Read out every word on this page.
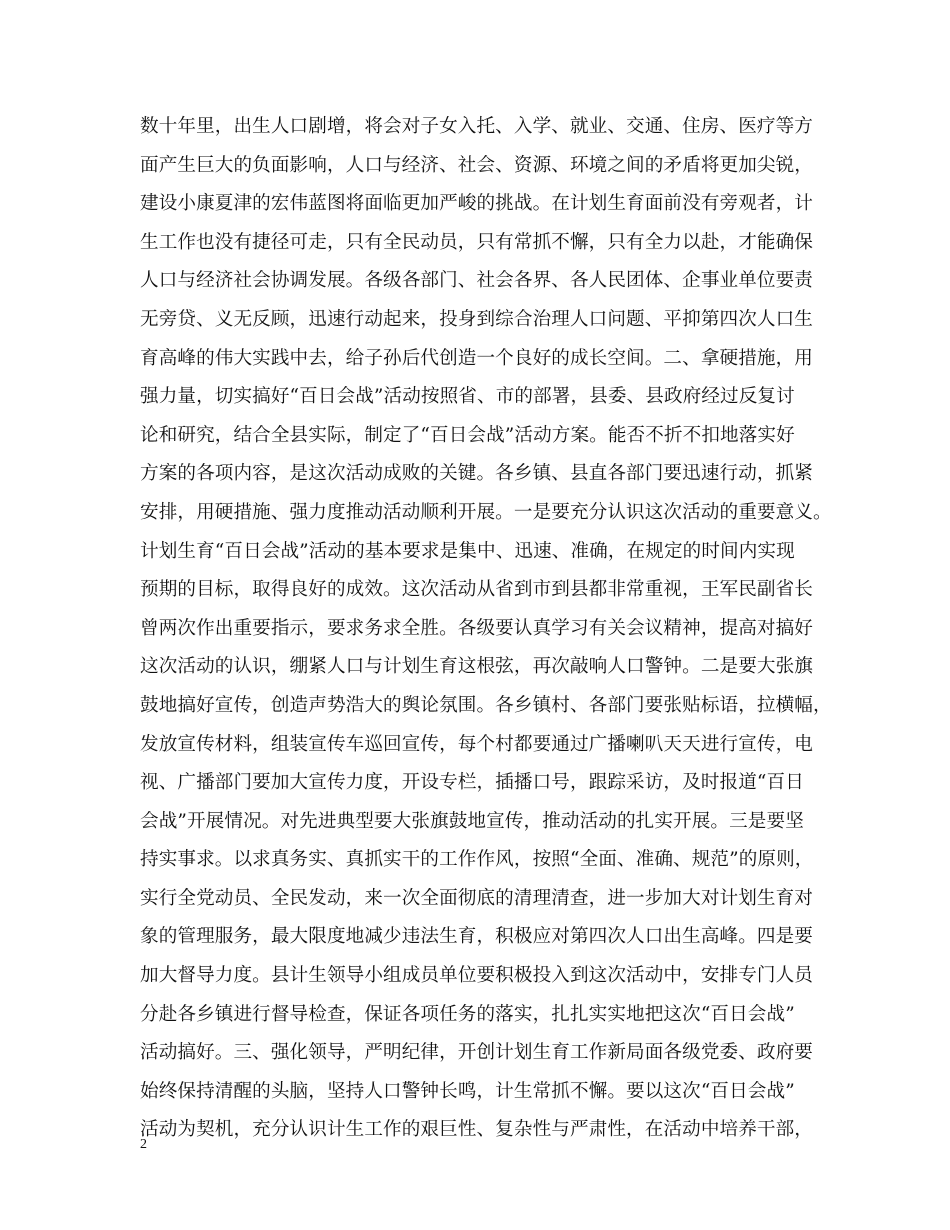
数十年里，出生人口剧增，将会对子女入托、入学、就业、交通、住房、医疗等方
面产生巨大的负面影响，人口与经济、社会、资源、环境之间的矛盾将更加尖锐，
建设小康夏津的宏伟蓝图将面临更加严峻的挑战。在计划生育面前没有旁观者，计
生工作也没有捷径可走，只有全民动员，只有常抓不懈，只有全力以赴，才能确保
人口与经济社会协调发展。各级各部门、社会各界、各人民团体、企事业单位要责
无旁贷、义无反顾，迅速行动起来，投身到综合治理人口问题、平抑第四次人口生
育高峰的伟大实践中去，给子孙后代创造一个良好的成长空间。二、拿硬措施，用
强力量，切实搞好“百日会战”活动按照省、市的部署，县委、县政府经过反复讨
论和研究，结合全县实际，制定了“百日会战”活动方案。能否不折不扣地落实好
方案的各项内容，是这次活动成败的关键。各乡镇、县直各部门要迅速行动，抓紧
安排，用硬措施、强力度推动活动顺利开展。一是要充分认识这次活动的重要意义。
计划生育“百日会战”活动的基本要求是集中、迅速、准确，在规定的时间内实现
预期的目标，取得良好的成效。这次活动从省到市到县都非常重视，王军民副省长
曾两次作出重要指示，要求务求全胜。各级要认真学习有关会议精神，提高对搞好
这次活动的认识，绷紧人口与计划生育这根弦，再次敲响人口警钟。二是要大张旗
鼓地搞好宣传，创造声势浩大的舆论氛围。各乡镇村、各部门要张贴标语，拉横幅，
发放宣传材料，组装宣传车巡回宣传，每个村都要通过广播喇叭天天进行宣传，电
视、广播部门要加大宣传力度，开设专栏，插播口号，跟踪采访，及时报道“百日
会战”开展情况。对先进典型要大张旗鼓地宣传，推动活动的扎实开展。三是要坚
持实事求。以求真务实、真抓实干的工作作风，按照“全面、准确、规范”的原则，
实行全党动员、全民发动，来一次全面彻底的清理清查，进一步加大对计划生育对
象的管理服务，最大限度地减少违法生育，积极应对第四次人口出生高峰。四是要
加大督导力度。县计生领导小组成员单位要积极投入到这次活动中，安排专门人员
分赴各乡镇进行督导检查，保证各项任务的落实，扎扎实实地把这次“百日会战”
活动搞好。三、强化领导，严明纪律，开创计划生育工作新局面各级党委、政府要
始终保持清醒的头脑，坚持人口警钟长鸣，计生常抓不懈。要以这次“百日会战”
活动为契机，充分认识计生工作的艰巨性、复杂性与严肃性，在活动中培养干部，
2
